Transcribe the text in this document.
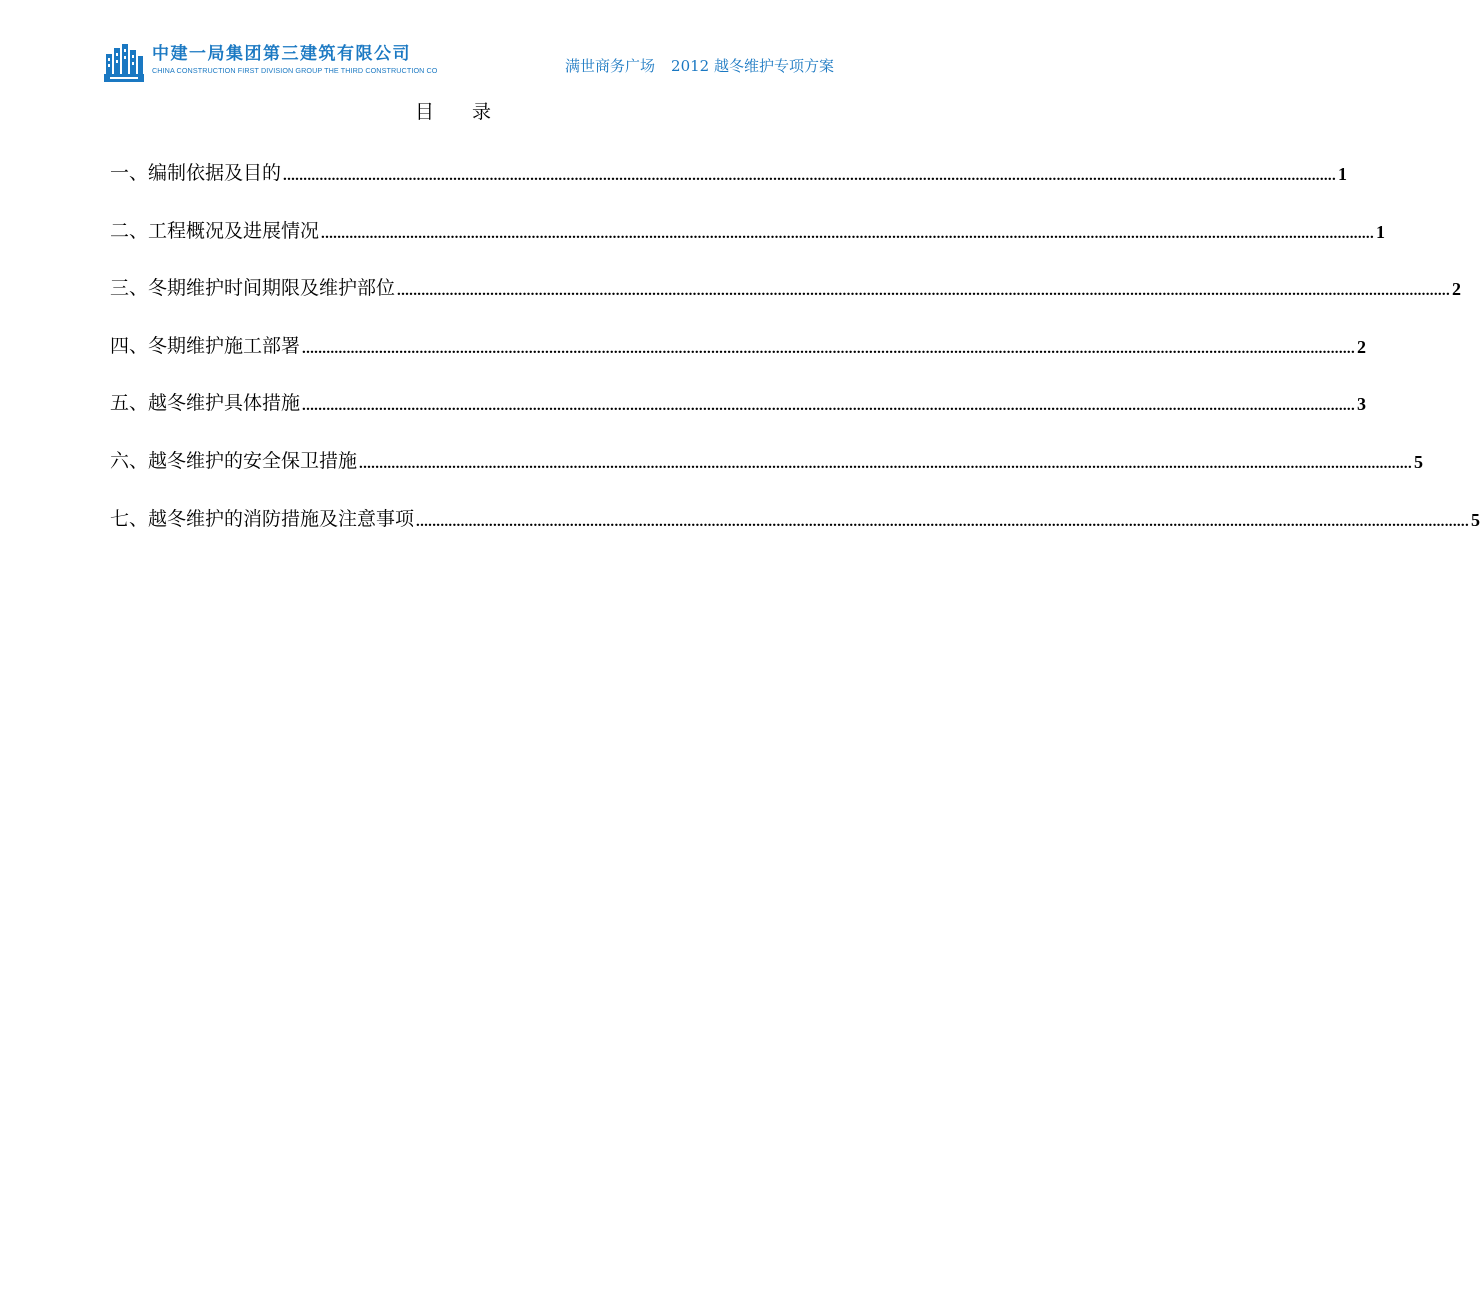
中建一局集团第三建筑有限公司
CHINA CONSTRUCTION FIRST DIVISION GROUP THE THIRD CONSTRUCTION CO	满世商务广场 2012 越冬维护专项方案
目录
一、编制依据及目的 .................................................................................................................................................................................................................................................................... 1
二、工程概况及进展情况 .................................................................................................................................................................................................................................................................... 1
三、冬期维护时间期限及维护部位 .................................................................................................................................................................................................................................................................... 2
四、冬期维护施工部署 .................................................................................................................................................................................................................................................................... 2
五、越冬维护具体措施 .................................................................................................................................................................................................................................................................... 3
六、越冬维护的安全保卫措施 .................................................................................................................................................................................................................................................................... 5
七、越冬维护的消防措施及注意事项 .................................................................................................................................................................................................................................................................... 5
